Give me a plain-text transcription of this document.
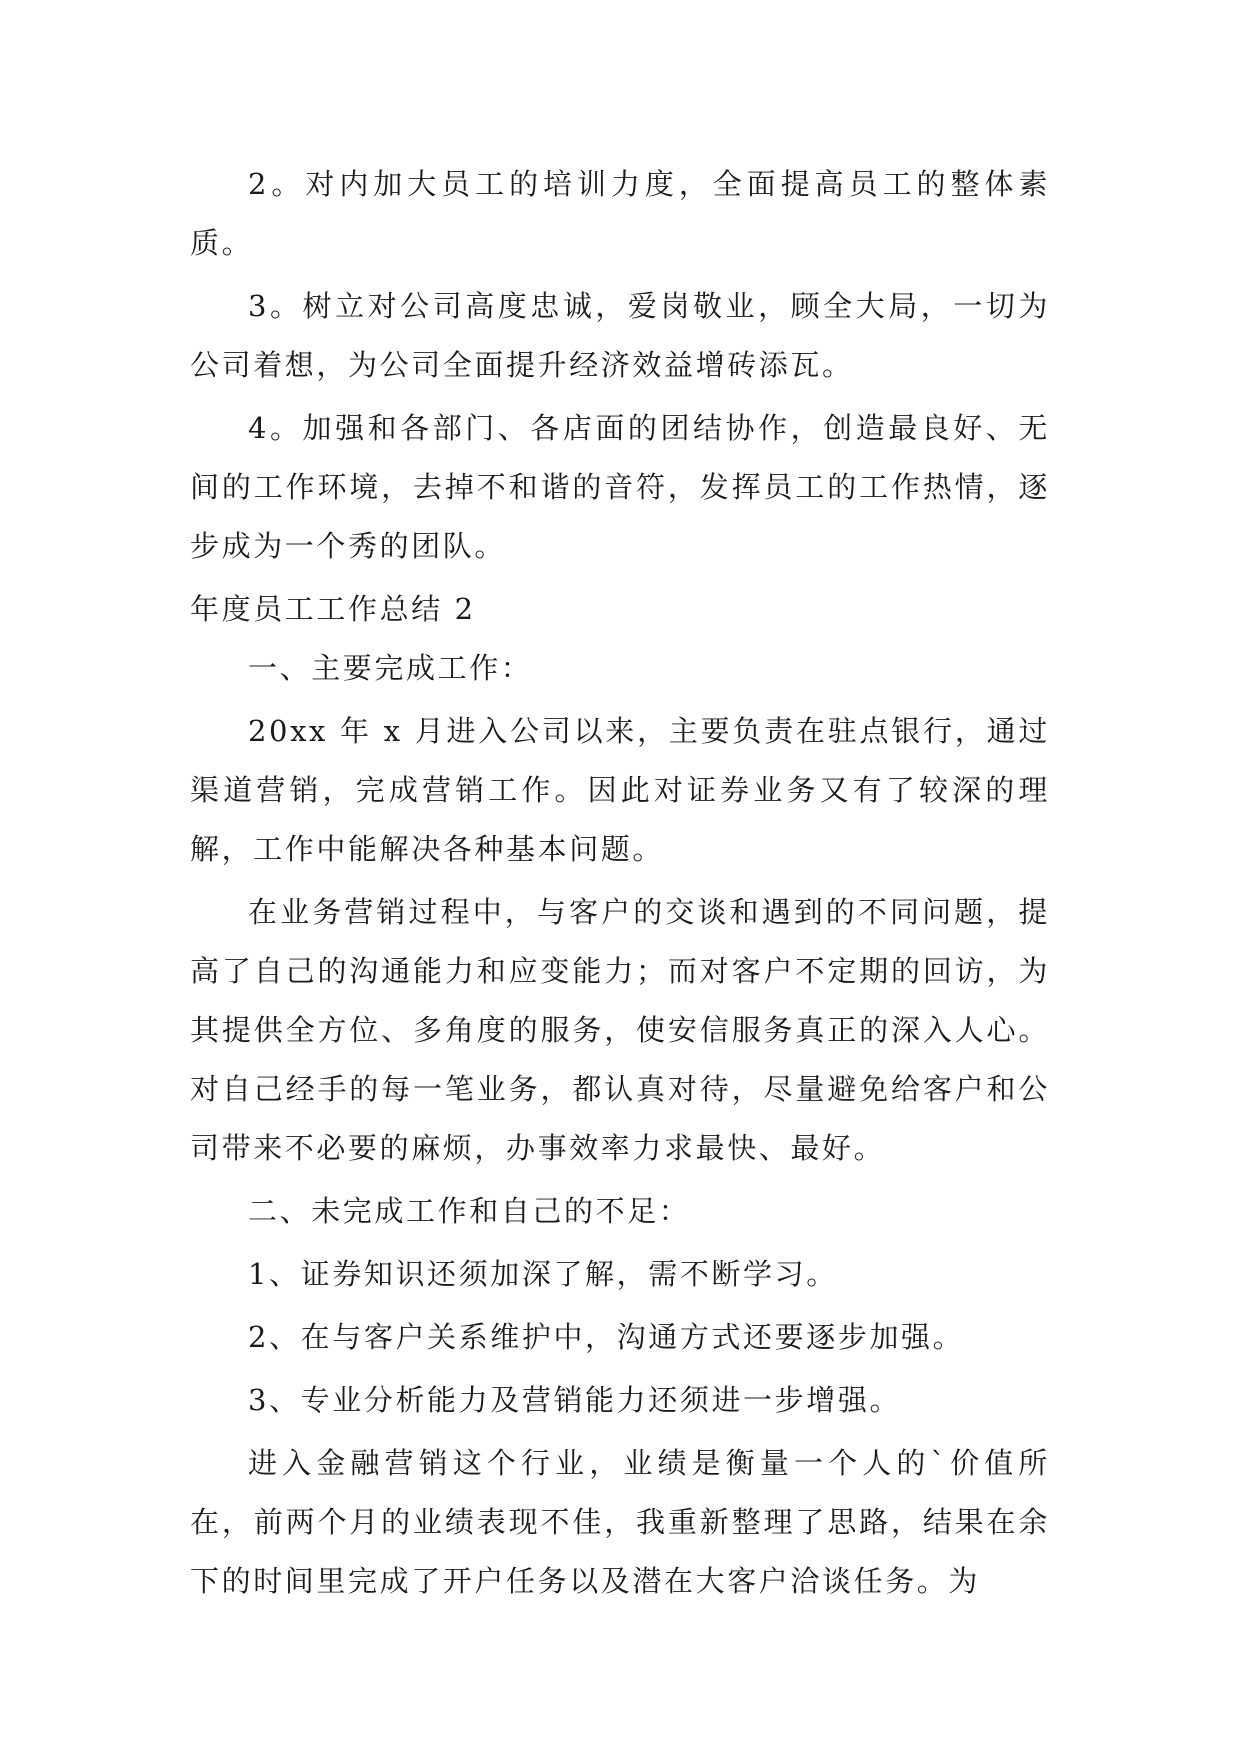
2。对内加大员工的培训力度，全面提高员工的整体素质。

3。树立对公司高度忠诚，爱岗敬业，顾全大局，一切为公司着想，为公司全面提升经济效益增砖添瓦。

4。加强和各部门、各店面的团结协作，创造最良好、无间的工作环境，去掉不和谐的音符，发挥员工的工作热情，逐步成为一个秀的团队。

年度员工工作总结 2

一、主要完成工作：

20xx 年 x 月进入公司以来，主要负责在驻点银行，通过渠道营销，完成营销工作。因此对证券业务又有了较深的理解，工作中能解决各种基本问题。

在业务营销过程中，与客户的交谈和遇到的不同问题，提高了自己的沟通能力和应变能力；而对客户不定期的回访，为其提供全方位、多角度的服务，使安信服务真正的深入人心。对自己经手的每一笔业务，都认真对待，尽量避免给客户和公司带来不必要的麻烦，办事效率力求最快、最好。

二、未完成工作和自己的不足：

1、证券知识还须加深了解，需不断学习。

2、在与客户关系维护中，沟通方式还要逐步加强。

3、专业分析能力及营销能力还须进一步增强。

进入金融营销这个行业，业绩是衡量一个人的`价值所在，前两个月的业绩表现不佳，我重新整理了思路，结果在余下的时间里完成了开户任务以及潜在大客户洽谈任务。为
